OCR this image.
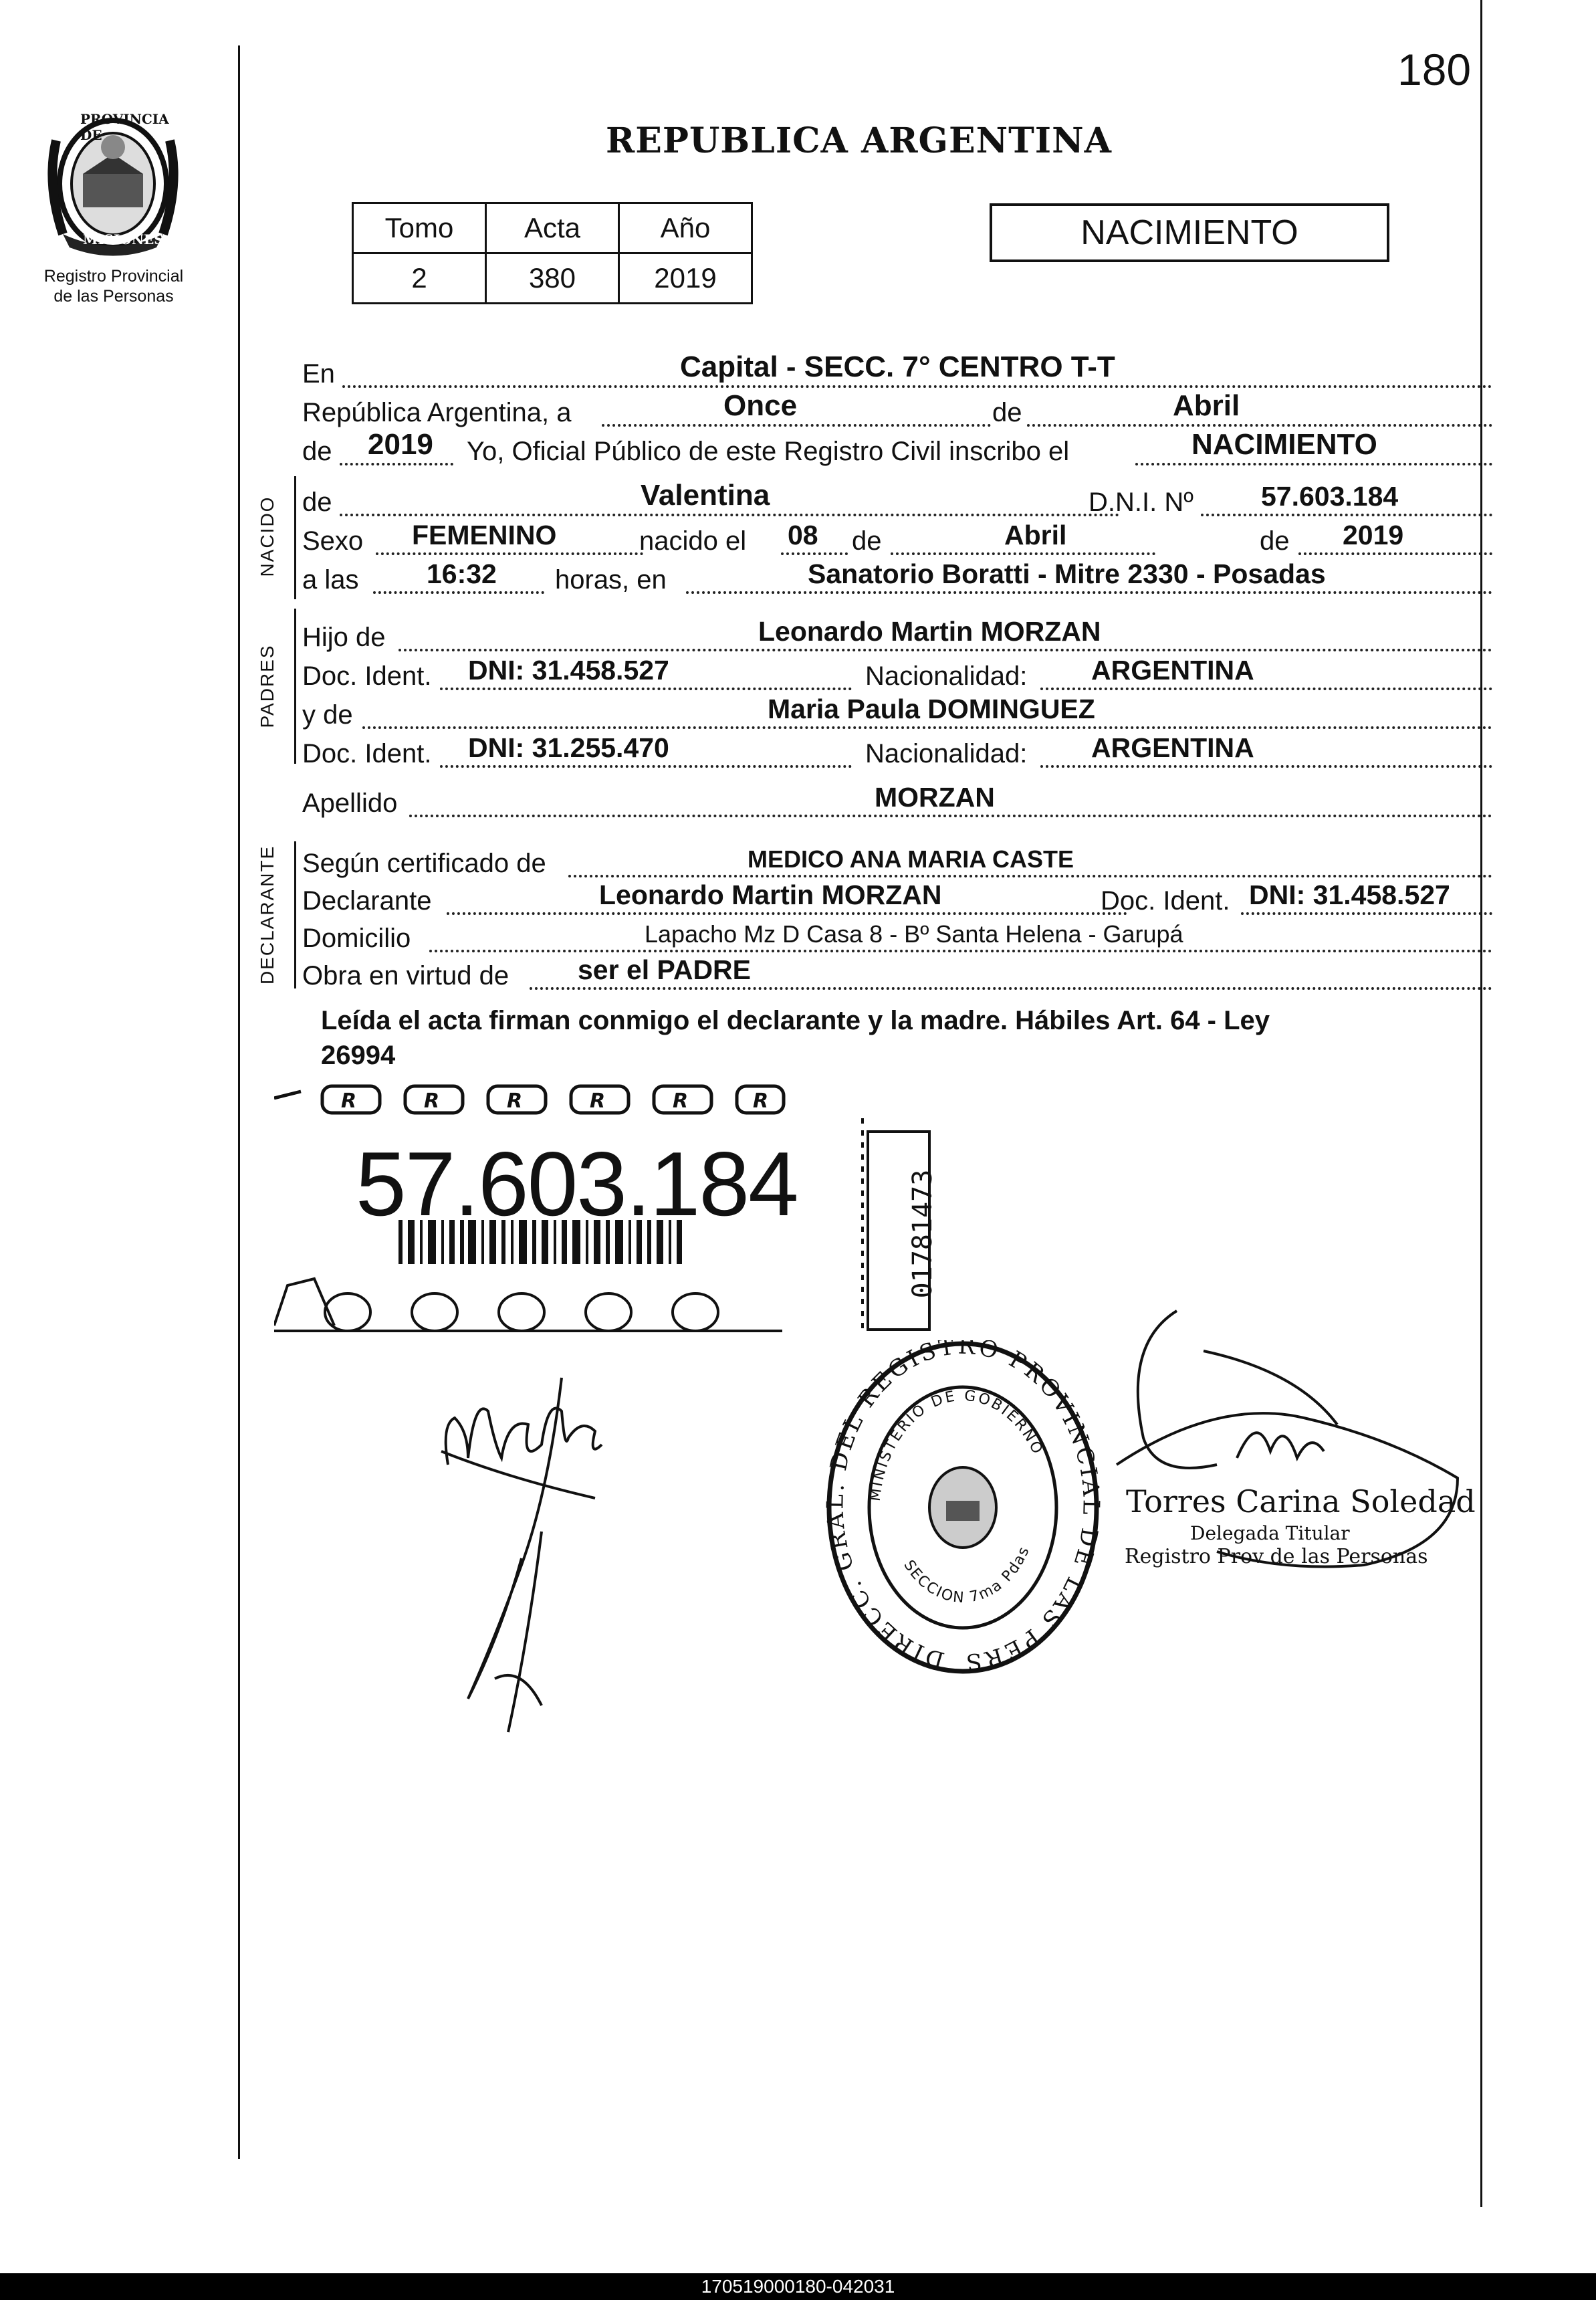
180
PROVINCIA DE
MISIONES
Registro Provincial
de las Personas
REPUBLICA ARGENTINA
Tomo	Acta	Año
2	380	2019
NACIMIENTO
En	Capital - SECC. 7° CENTRO T-T
República Argentina, a	Once	de	Abril
de 2019 Yo, Oficial Público de este Registro Civil inscribo el	NACIMIENTO
NACIDO de	Valentina	D.N.I. Nº 57.603.184
Sexo FEMENINO	nacido el 08 de	Abril	de 2019
a las 16:32 horas, en	Sanatorio Boratti - Mitre 2330 - Posadas
PADRES
Hijo de	Leonardo Martin MORZAN
Doc. Ident. DNI: 31.458.527	Nacionalidad: ARGENTINA
y de	Maria Paula DOMINGUEZ
Doc. Ident. DNI: 31.255.470	Nacionalidad: ARGENTINA
Apellido	MORZAN
DECLARANTE Según certificado de	MEDICO ANA MARIA CASTE
Declarante	Leonardo Martin MORZAN	Doc. Ident. DNI: 31.458.527
Domicilio	Lapacho Mz D Casa 8 - Bº Santa Helena - Garupá
Obra en virtud de	ser el PADRE
Leída el acta firman conmigo el declarante y la madre. Hábiles Art. 64 - Ley
26994
R	R	R	R	R	R
57.603.184	01781473
DIRECC. GRAL. DEL REGISTRO PROVINCIAL DE LAS PERS
MINISTERIO DE GOBIERNO
SECCION 7ma Pdas
Torres Carina Soledad
Delegada Titular
Registro Prov de las Personas
170519000180-042031
